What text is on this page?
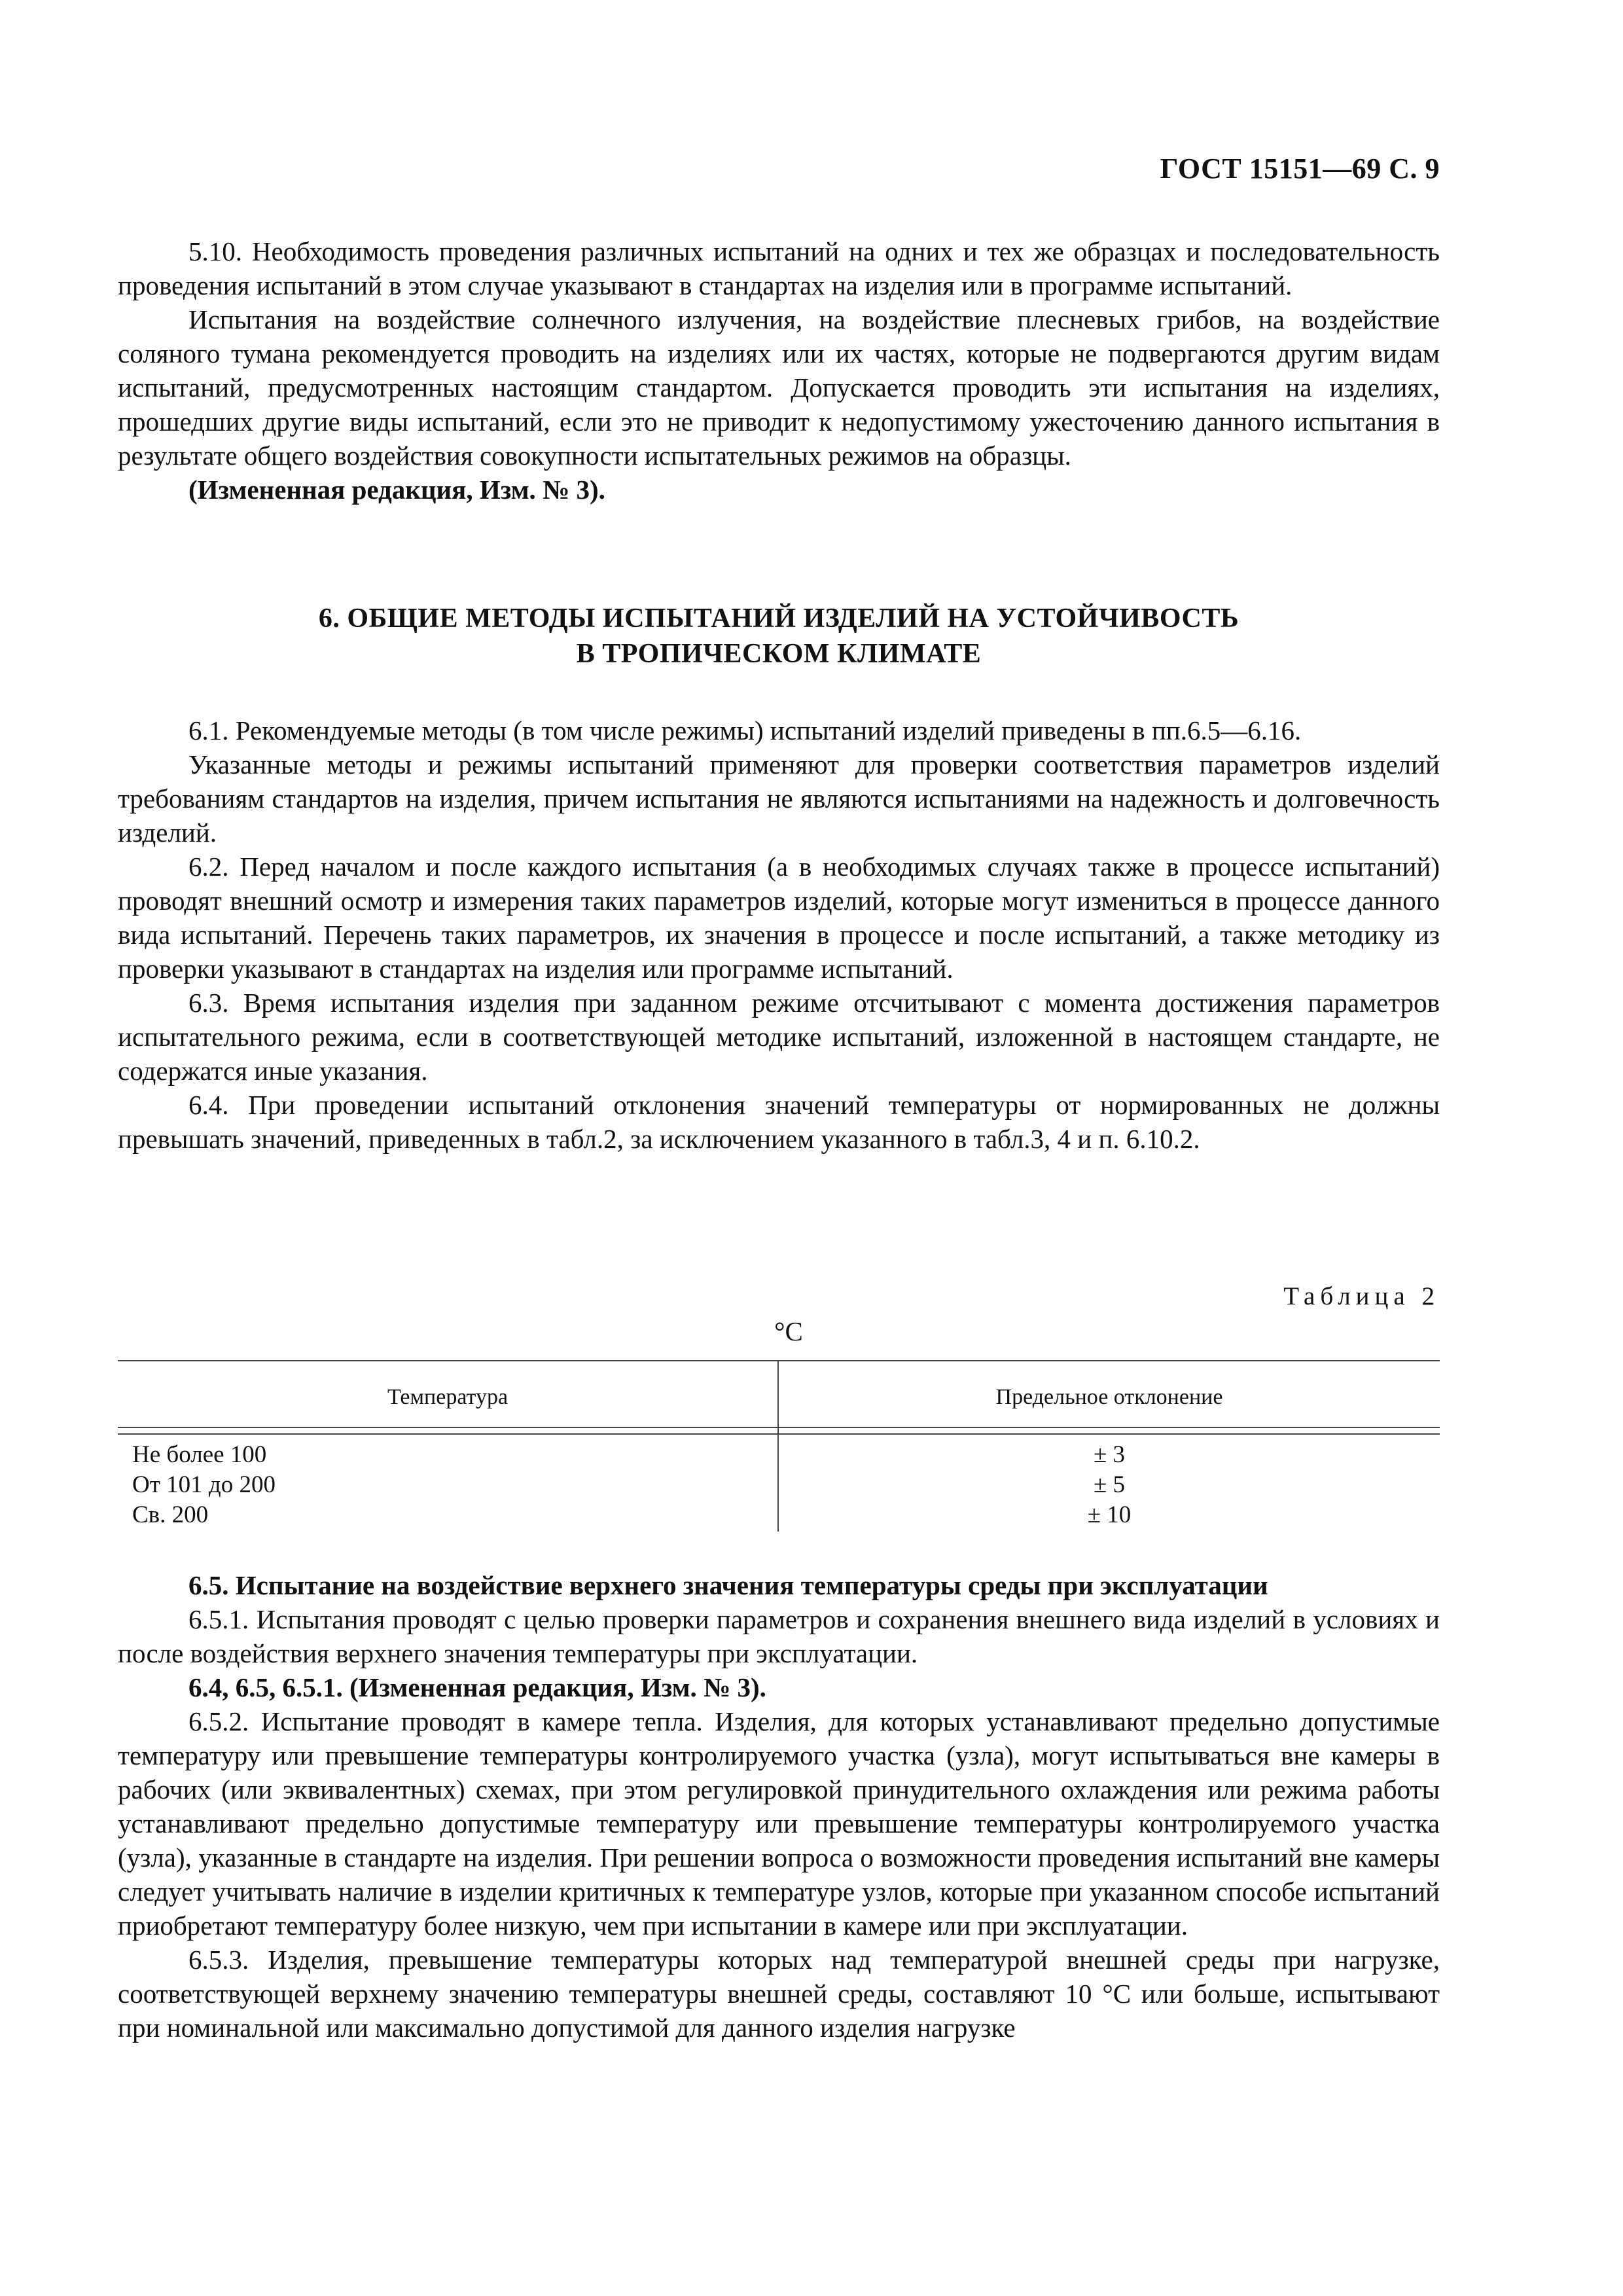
ГОСТ 15151—69 С. 9

5.10. Необходимость проведения различных испытаний на одних и тех же образцах и последовательность проведения испытаний в этом случае указывают в стандартах на изделия или в программе испытаний.

Испытания на воздействие солнечного излучения, на воздействие плесневых грибов, на воздействие соляного тумана рекомендуется проводить на изделиях или их частях, которые не подвергаются другим видам испытаний, предусмотренных настоящим стандартом. Допускается проводить эти испытания на изделиях, прошедших другие виды испытаний, если это не приводит к недопустимому ужесточению данного испытания в результате общего воздействия совокупности испытательных режимов на образцы.

(Измененная редакция, Изм. № 3).

6. ОБЩИЕ МЕТОДЫ ИСПЫТАНИЙ ИЗДЕЛИЙ НА УСТОЙЧИВОСТЬ
В ТРОПИЧЕСКОМ КЛИМАТЕ

6.1. Рекомендуемые методы (в том числе режимы) испытаний изделий приведены в пп.6.5—6.16.

Указанные методы и режимы испытаний применяют для проверки соответствия параметров изделий требованиям стандартов на изделия, причем испытания не являются испытаниями на надежность и долговечность изделий.

6.2. Перед началом и после каждого испытания (а в необходимых случаях также в процессе испытаний) проводят внешний осмотр и измерения таких параметров изделий, которые могут измениться в процессе данного вида испытаний. Перечень таких параметров, их значения в процессе и после испытаний, а также методику из проверки указывают в стандартах на изделия или программе испытаний.

6.3. Время испытания изделия при заданном режиме отсчитывают с момента достижения параметров испытательного режима, если в соответствующей методике испытаний, изложенной в настоящем стандарте, не содержатся иные указания.

6.4. При проведении испытаний отклонения значений температуры от нормированных не должны превышать значений, приведенных в табл.2, за исключением указанного в табл.3, 4 и п. 6.10.2.

Таблица 2
°С
Температура	Предельное отклонение
Не более 100
От 101 до 200
Св. 200
± 3
± 5
± 10

6.5. Испытание на воздействие верхнего значения температуры среды при эксплуатации

6.5.1. Испытания проводят с целью проверки параметров и сохранения внешнего вида изделий в условиях и после воздействия верхнего значения температуры при эксплуатации.

6.4, 6.5, 6.5.1. (Измененная редакция, Изм. № 3).

6.5.2. Испытание проводят в камере тепла. Изделия, для которых устанавливают предельно допустимые температуру или превышение температуры контролируемого участка (узла), могут испытываться вне камеры в рабочих (или эквивалентных) схемах, при этом регулировкой принудительного охлаждения или режима работы устанавливают предельно допустимые температуру или превышение температуры контролируемого участка (узла), указанные в стандарте на изделия. При решении вопроса о возможности проведения испытаний вне камеры следует учитывать наличие в изделии критичных к температуре узлов, которые при указанном способе испытаний приобретают температуру более низкую, чем при испытании в камере или при эксплуатации.

6.5.3. Изделия, превышение температуры которых над температурой внешней среды при нагрузке, соответствующей верхнему значению температуры внешней среды, составляют 10 °С или больше, испытывают при номинальной или максимально допустимой для данного изделия нагрузке
